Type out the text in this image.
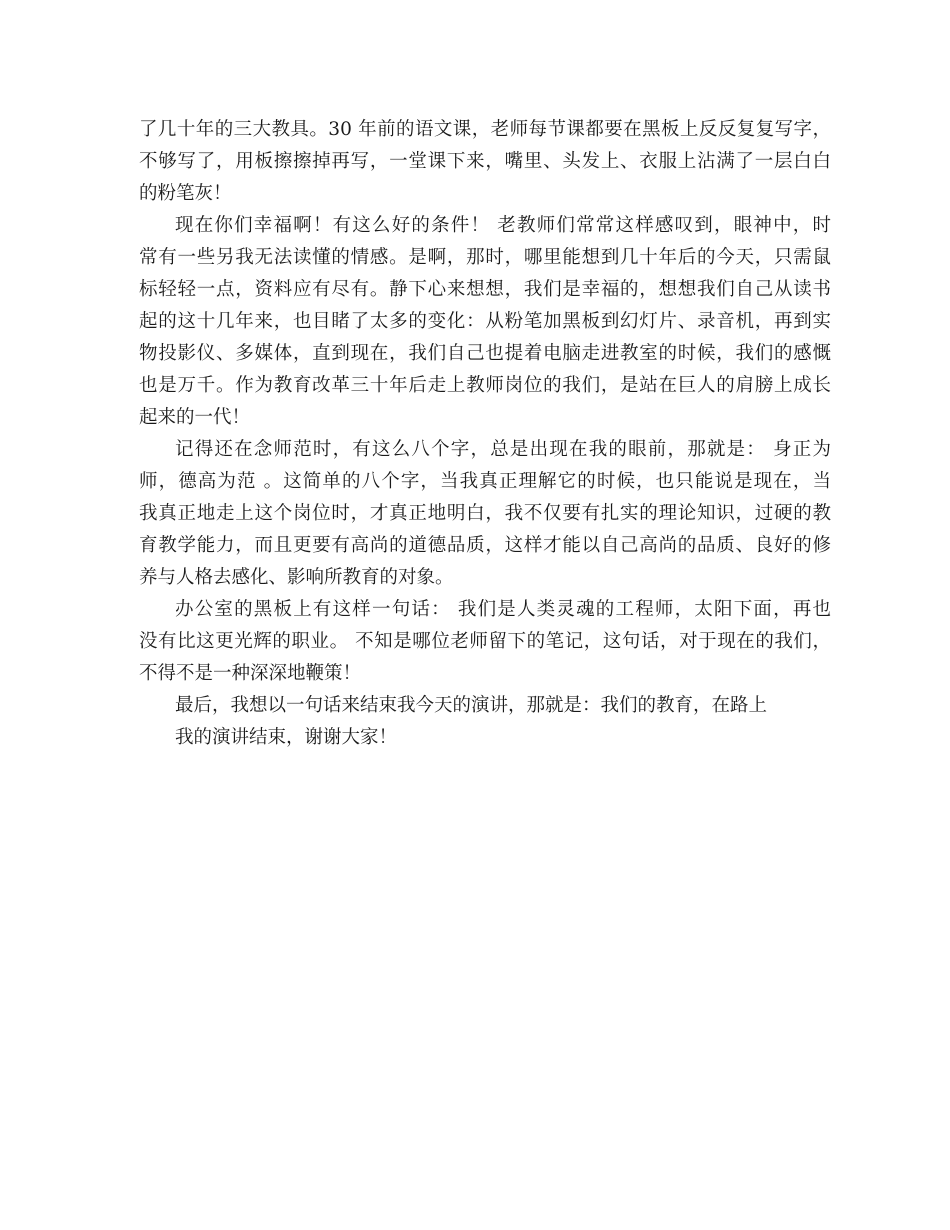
了几十年的三大教具。30 年前的语文课，老师每节课都要在黑板上反反复复写字，
不够写了，用板擦擦掉再写，一堂课下来，嘴里、头发上、衣服上沾满了一层白白
的粉笔灰！
现在你们幸福啊！有这么好的条件！ 老教师们常常这样感叹到，眼神中，时
常有一些另我无法读懂的情感。是啊，那时，哪里能想到几十年后的今天，只需鼠
标轻轻一点，资料应有尽有。静下心来想想，我们是幸福的，想想我们自己从读书
起的这十几年来，也目睹了太多的变化：从粉笔加黑板到幻灯片、录音机，再到实
物投影仪、多媒体，直到现在，我们自己也提着电脑走进教室的时候，我们的感慨
也是万千。作为教育改革三十年后走上教师岗位的我们，是站在巨人的肩膀上成长
起来的一代！
记得还在念师范时，有这么八个字，总是出现在我的眼前，那就是： 身正为
师，德高为范 。这简单的八个字，当我真正理解它的时候，也只能说是现在，当
我真正地走上这个岗位时，才真正地明白，我不仅要有扎实的理论知识，过硬的教
育教学能力，而且更要有高尚的道德品质，这样才能以自己高尚的品质、良好的修
养与人格去感化、影响所教育的对象。
办公室的黑板上有这样一句话： 我们是人类灵魂的工程师，太阳下面，再也
没有比这更光辉的职业。 不知是哪位老师留下的笔记，这句话，对于现在的我们，
不得不是一种深深地鞭策！
最后，我想以一句话来结束我今天的演讲，那就是：我们的教育，在路上
我的演讲结束，谢谢大家！
